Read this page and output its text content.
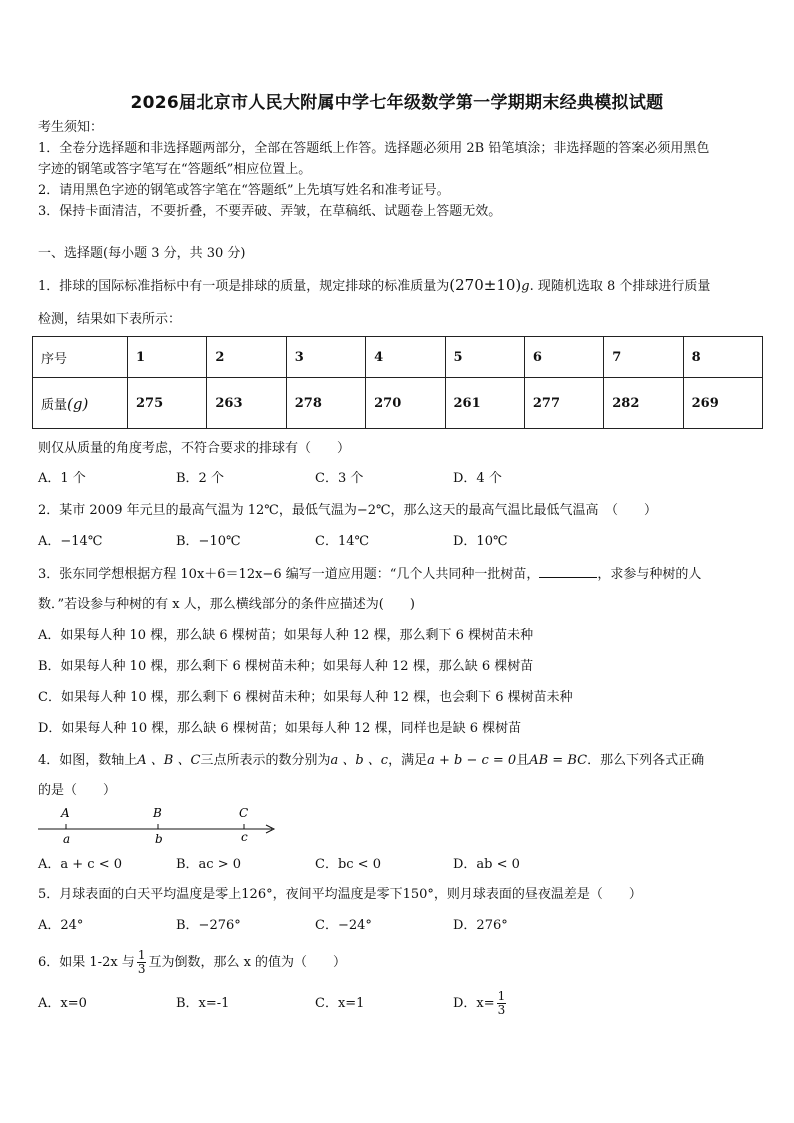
2026届北京市人民大附属中学七年级数学第一学期期末经典模拟试题
考生须知：
1．全卷分选择题和非选择题两部分，全部在答题纸上作答。选择题必须用 2B 铅笔填涂；非选择题的答案必须用黑色
字迹的钢笔或答字笔写在“答题纸”相应位置上。
2．请用黑色字迹的钢笔或答字笔在“答题纸”上先填写姓名和准考证号。
3．保持卡面清洁，不要折叠，不要弄破、弄皱，在草稿纸、试题卷上答题无效。
一、选择题(每小题 3 分，共 30 分)
1．排球的国际标准指标中有一项是排球的质量，规定排球的标准质量为(270±10)g. 现随机选取 8 个排球进行质量
检测，结果如下表所示：
序号	1	2	3	4	5	6	7	8
质量(g)	275	263	278	270	261	277	282	269
则仅从质量的角度考虑，不符合要求的排球有（　　）
A．1 个	B．2 个	C．3 个	D．4 个
2．某市 2009 年元旦的最高气温为 12℃，最低气温为−2℃，那么这天的最高气温比最低气温高　（　　）
A．−14℃	B．−10℃	C．14℃	D．10℃
3．张东同学想根据方程 10x＋6＝12x−6 编写一道应用题：“几个人共同种一批树苗，	，求参与种树的人
数．”若设参与种树的有 x 人，那么横线部分的条件应描述为(　　)
A．如果每人种 10 棵，那么缺 6 棵树苗；如果每人种 12 棵，那么剩下 6 棵树苗未种
B．如果每人种 10 棵，那么剩下 6 棵树苗未种；如果每人种 12 棵，那么缺 6 棵树苗
C．如果每人种 10 棵，那么剩下 6 棵树苗未种；如果每人种 12 棵，也会剩下 6 棵树苗未种
D．如果每人种 10 棵，那么缺 6 棵树苗；如果每人种 12 棵，同样也是缺 6 棵树苗
4．如图，数轴上A 、B 、C三点所表示的数分别为a 、b 、c，满足a + b − c = 0且AB = BC．那么下列各式正确
的是（　　）
A	B	C
a	b	c
A．a + c < 0	B．ac > 0	C．bc < 0	D．ab < 0
5．月球表面的白天平均温度是零上126°，夜间平均温度是零下150°，则月球表面的昼夜温差是（　　）
A．24°	B．−276°	C．−24°	D．276°
6．如果 1-2x 与 $\frac{1}{3}$ 互为倒数，那么 x 的值为（　　）
A．x=0	B．x=-1	C．x=1	D．$x= \frac{1}{3}$
